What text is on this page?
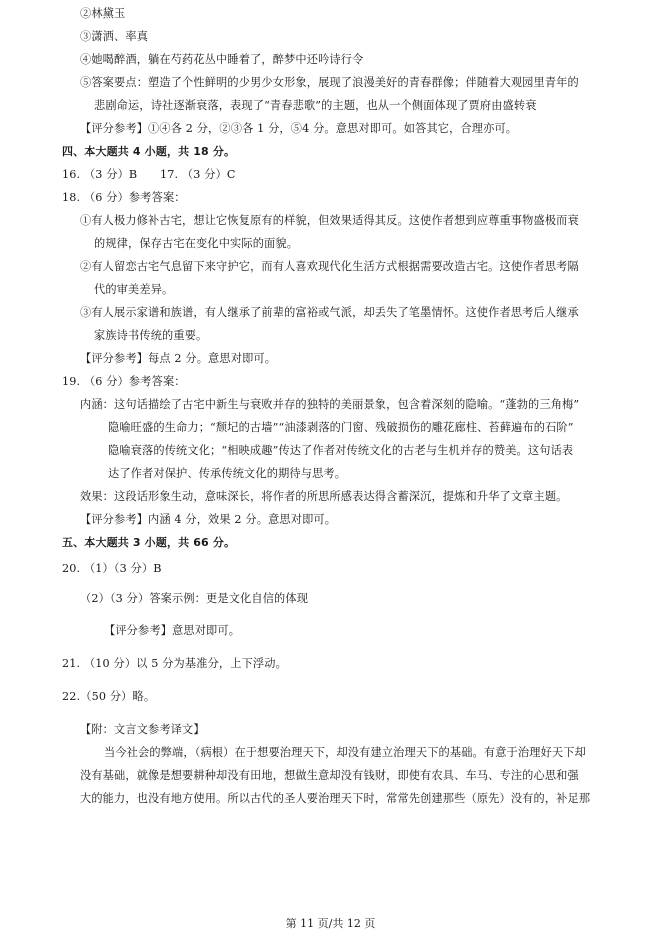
②林黛玉
③潇洒、率真
④她喝醉酒，躺在芍药花丛中睡着了，醉梦中还吟诗行令
⑤答案要点：塑造了个性鲜明的少男少女形象，展现了浪漫美好的青春群像；伴随着大观园里青年的
悲剧命运，诗社逐渐衰落，表现了“青春悲歌”的主题，也从一个侧面体现了贾府由盛转衰
【评分参考】①④各 2 分，②③各 1 分，⑤4 分。意思对即可。如答其它，合理亦可。
四、本大题共 4 小题，共 18 分。
16. （3 分）B　　17. （3 分）C
18. （6 分）参考答案：
①有人极力修补古宅，想让它恢复原有的样貌，但效果适得其反。这使作者想到应尊重事物盛极而衰
的规律，保存古宅在变化中实际的面貌。
②有人留恋古宅气息留下来守护它，而有人喜欢现代化生活方式根据需要改造古宅。这使作者思考隔
代的审美差异。
③有人展示家谱和族谱，有人继承了前辈的富裕或气派，却丢失了笔墨情怀。这使作者思考后人继承
家族诗书传统的重要。
【评分参考】每点 2 分。意思对即可。
19. （6 分）参考答案：
内涵：这句话描绘了古宅中新生与衰败并存的独特的美丽景象，包含着深刻的隐喻。“蓬勃的三角梅”
隐喻旺盛的生命力；“颓圮的古墙”“油漆剥落的门窗、残破损伤的雕花廊柱、苔藓遍布的石阶”
隐喻衰落的传统文化；“相映成趣”传达了作者对传统文化的古老与生机并存的赞美。这句话表
达了作者对保护、传承传统文化的期待与思考。
效果：这段话形象生动，意味深长，将作者的所思所感表达得含蓄深沉，提炼和升华了文章主题。
【评分参考】内涵 4 分，效果 2 分。意思对即可。
五、本大题共 3 小题，共 66 分。
20. （1）（3 分）B
（2）（3 分）答案示例：更是文化自信的体现
【评分参考】意思对即可。
21. （10 分）以 5 分为基准分，上下浮动。
22.（50 分）略。
【附：文言文参考译文】
当今社会的弊端，（病根）在于想要治理天下，却没有建立治理天下的基础。有意于治理好天下却
没有基础，就像是想要耕种却没有田地，想做生意却没有钱财，即使有农具、车马、专注的心思和强
大的能力，也没有地方使用。所以古代的圣人要治理天下时，常常先创建那些（原先）没有的，补足那
第 11 页/共 12 页
